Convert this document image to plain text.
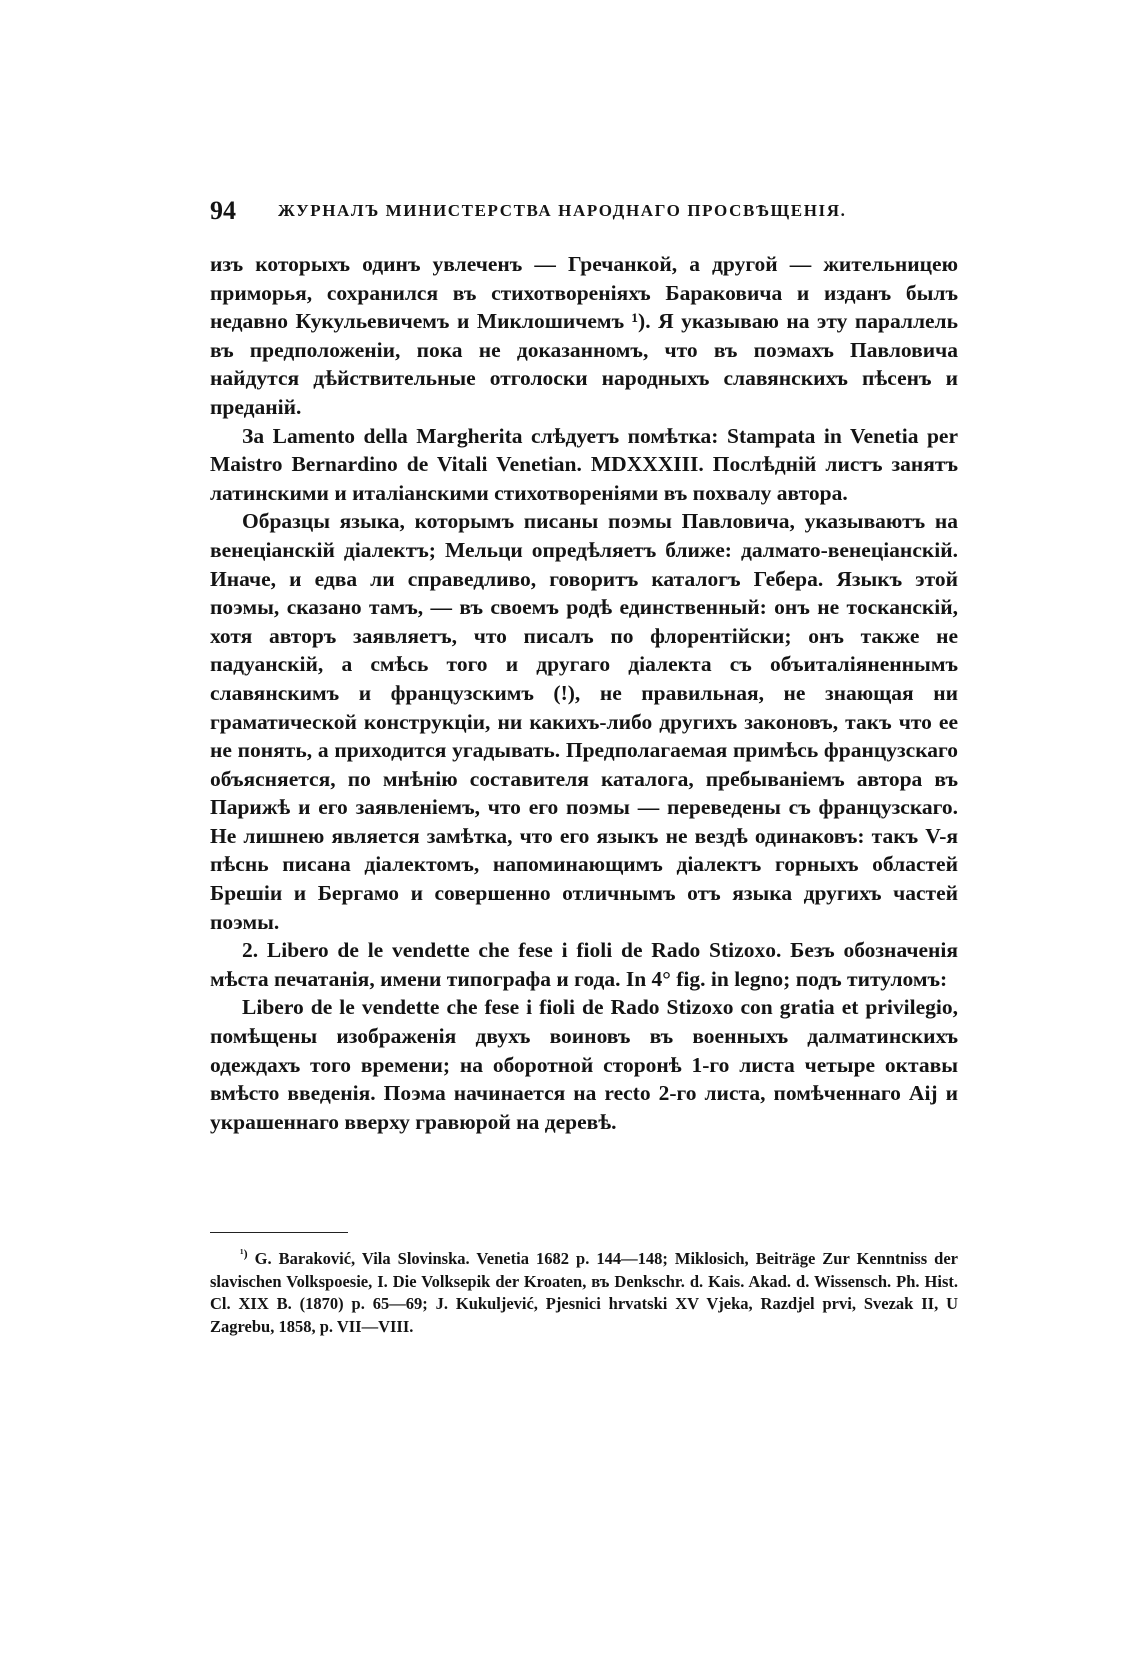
94 ЖУРНАЛЪ МИНИСТЕРСТВА НАРОДНАГО ПРОСВѢЩЕНІЯ.

изъ которыхъ одинъ увлеченъ — Гречанкой, а другой — жительницею приморья, сохранился въ стихотвореніяхъ Бараковича и изданъ былъ недавно Кукульевичемъ и Миклошичемъ ¹). Я указываю на эту параллель въ предположеніи, пока не доказанномъ, что въ поэмахъ Павловича найдутся дѣйствительные отголоски народныхъ славянскихъ пѣсенъ и преданій.

За Lamento della Margherita слѣдуетъ помѣтка: Stampata in Venetia per Maistro Bernardino de Vitali Venetian. MDXXXIII. Послѣдній листъ занятъ латинскими и италіанскими стихотвореніями въ похвалу автора.

Образцы языка, которымъ писаны поэмы Павловича, указываютъ на венеціанскій діалектъ; Мельци опредѣляетъ ближе: далмато-венеціанскій. Иначе, и едва ли справедливо, говоритъ каталогъ Гебера. Языкъ этой поэмы, сказано тамъ, — въ своемъ родѣ единственный: онъ не тосканскій, хотя авторъ заявляетъ, что писалъ по флорентійски; онъ также не падуанскій, а смѣсь того и другаго діалекта съ объиталіяненнымъ славянскимъ и французскимъ (!), не правильная, не знающая ни граматической конструкціи, ни какихъ-либо другихъ законовъ, такъ что ее не понять, а приходится угадывать. Предполагаемая примѣсь французскаго объясняется, по мнѣнію составителя каталога, пребываніемъ автора въ Парижѣ и его заявленіемъ, что его поэмы — переведены съ французскаго. Не лишнею является замѣтка, что его языкъ не вездѣ одинаковъ: такъ V-я пѣснь писана діалектомъ, напоминающимъ діалектъ горныхъ областей Брешіи и Бергамо и совершенно отличнымъ отъ языка другихъ частей поэмы.

2. Libero de le vendette che fese i fioli de Rado Stizoxo. Безъ обозначенія мѣста печатанія, имени типографа и года. In 4° fig. in legno; подъ титуломъ:

Libero de le vendette che fese i fioli de Rado Stizoxo con gratia et privilegio, помѣщены изображенія двухъ воиновъ въ военныхъ далматинскихъ одеждахъ того времени; на оборотной сторонѣ 1-го листа четыре октавы вмѣсто введенія. Поэма начинается на recto 2-го листа, помѣченнаго Aij и украшеннаго вверху гравюрой на деревѣ.

$^{^1)}$ G. Baraković, Vila Slovinska. Venetia 1682 p. 144—148; Miklosich, Beiträge Zur Kenntniss der slavischen Volkspoesie, I. Die Volksepik der Kroaten, въ Denkschr. d. Kais. Akad. d. Wissensch. Ph. Hist. Cl. XIX B. (1870) р. 65—69; J. Kukuljević, Pjesnici hrvatski XV Vjeka, Razdjel prvi, Svezak II, U Zagrebu, 1858, p. VII—VIII.
